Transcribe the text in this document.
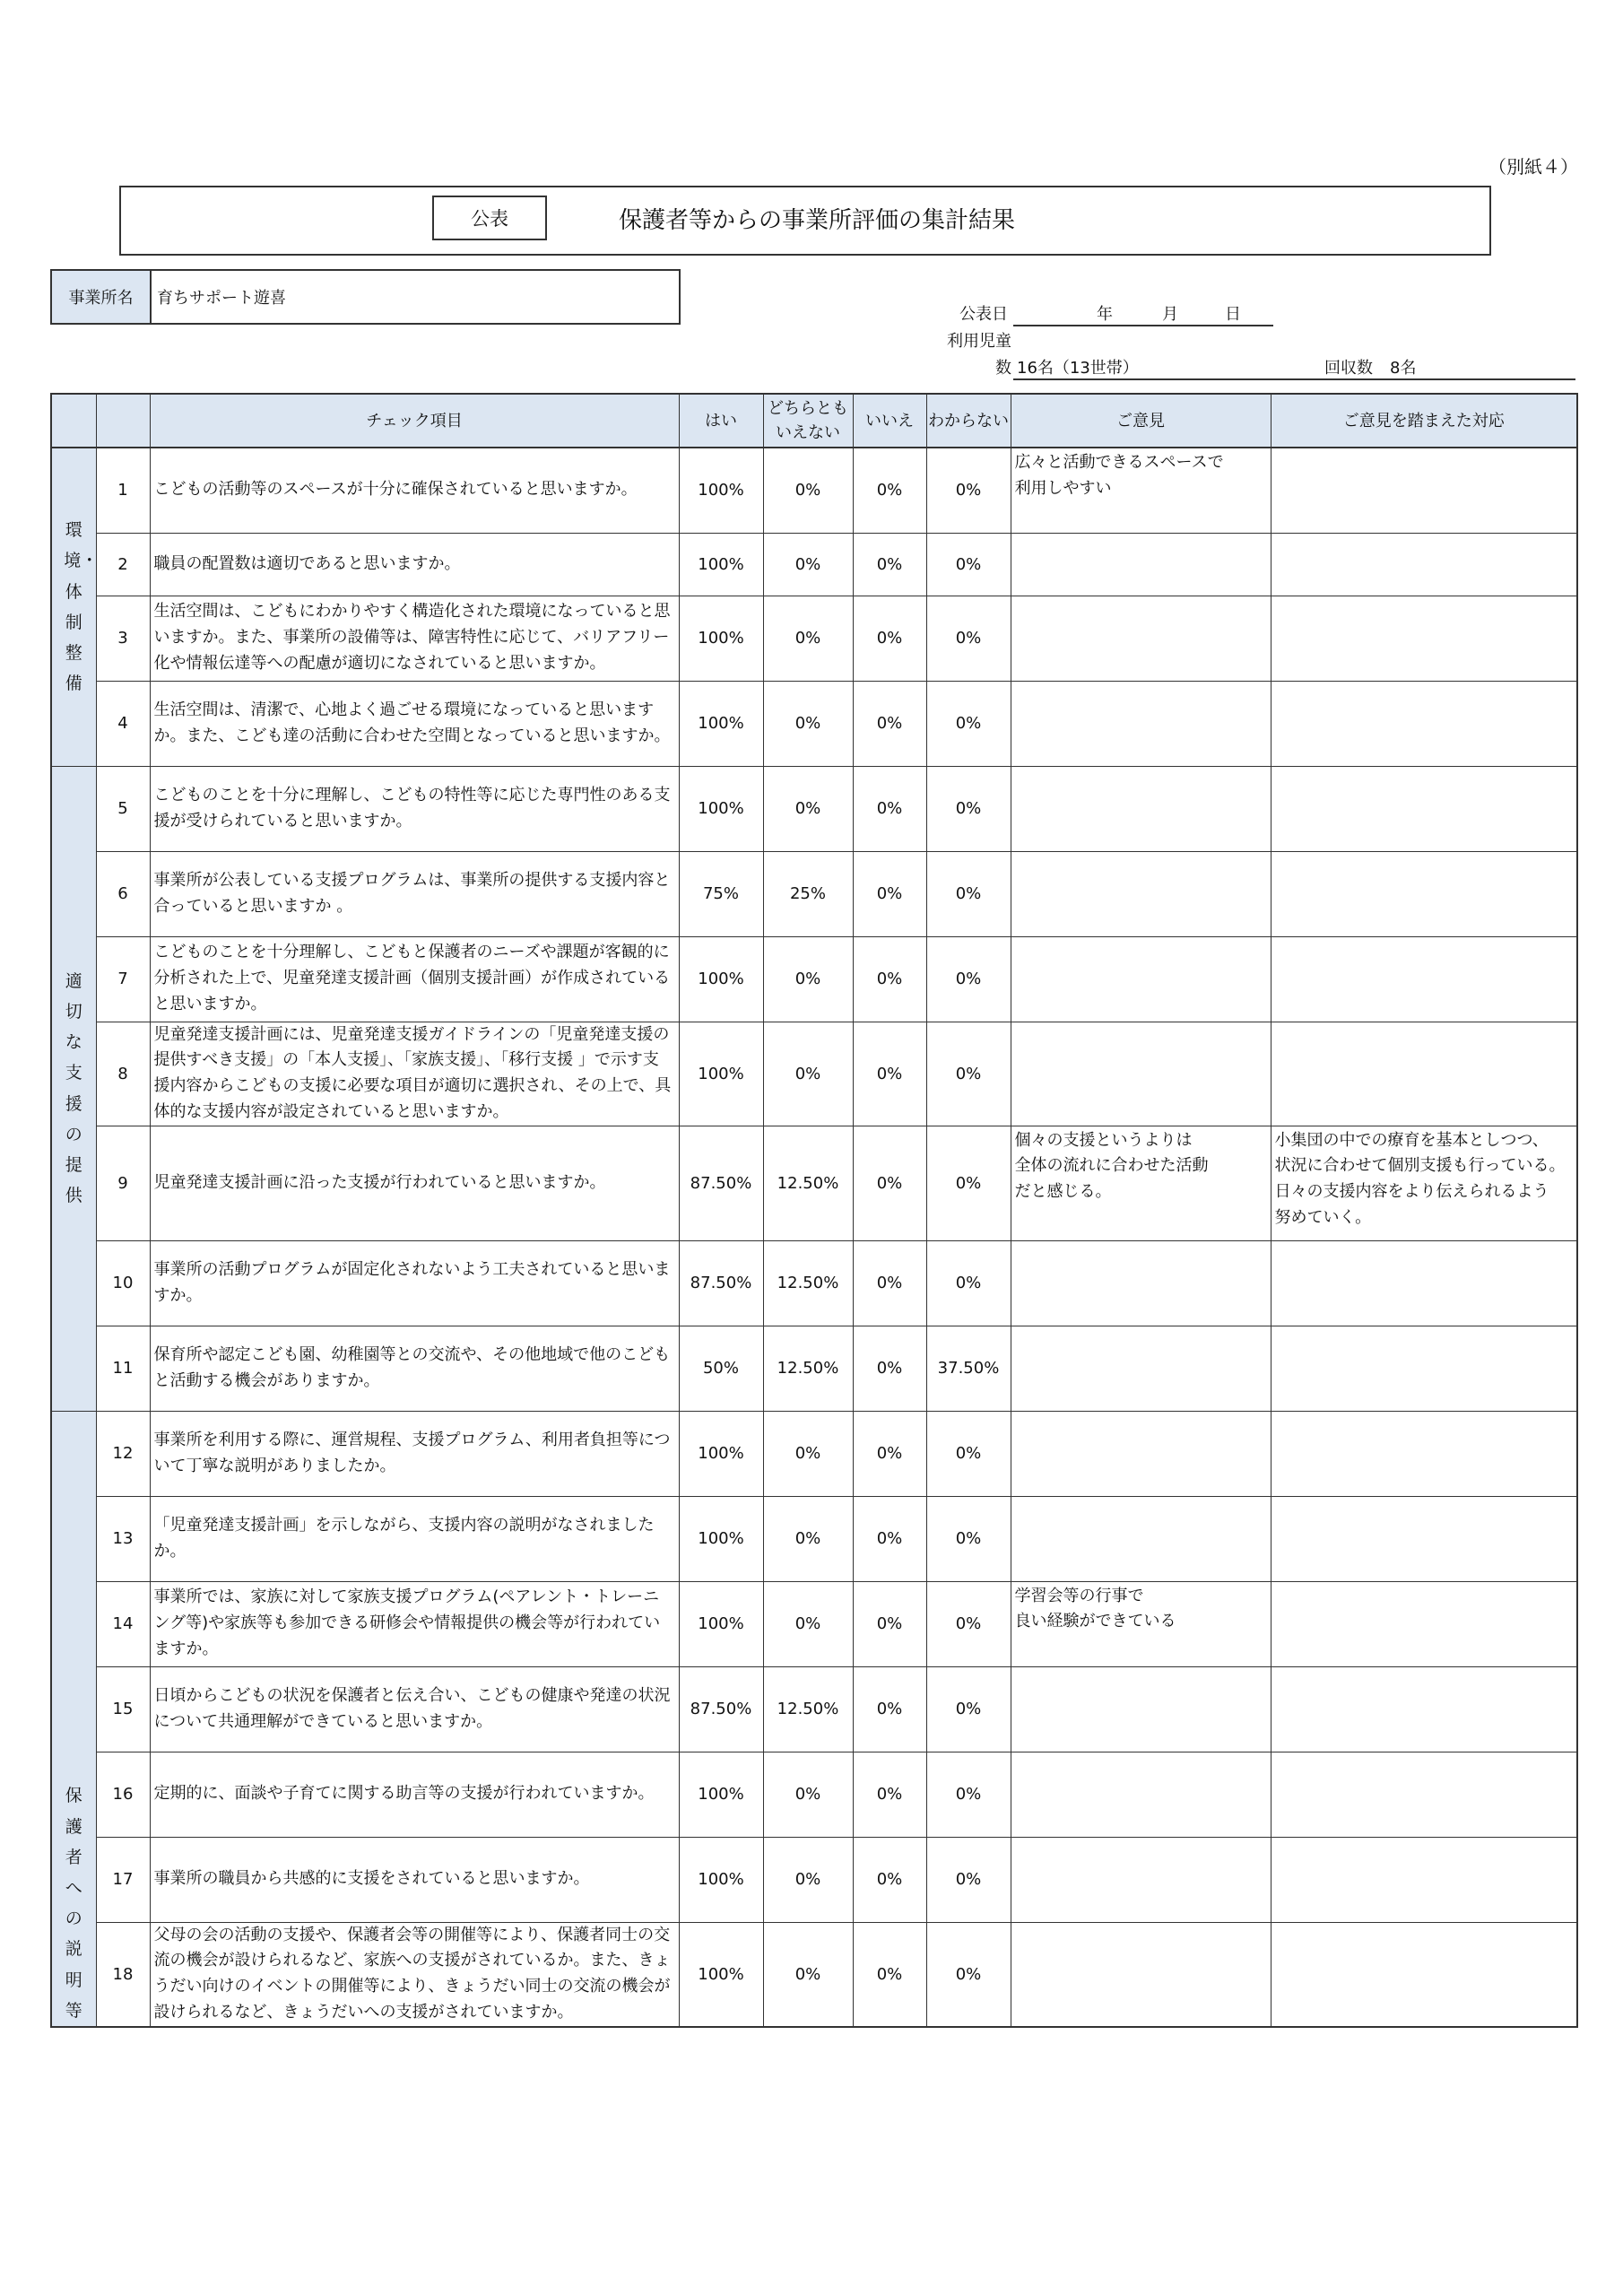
（別紙４）
公表	保護者等からの事業所評価の集計結果
事業所名	育ちサポート遊喜
公表日	年	月	日
利用児童
数 16名（13世帯）	回収数 8名
		チェック項目	はい	どちらとも
いえない	いいえ	わからない	ご意見	ご意見を踏まえた対応
環境・体制整備	1	こどもの活動等のスペースが十分に確保されていると思いますか。	100%	0%	0%	0%	広々と活動できるスペースで
利用しやすい	
	2	職員の配置数は適切であると思いますか。	100%	0%	0%	0%		
	3	生活空間は、こどもにわかりやすく構造化された環境になっていると思いますか。また、事業所の設備等は、障害特性に応じて、バリアフリー化や情報伝達等への配慮が適切になされていると思いますか。	100%	0%	0%	0%		
	4	生活空間は、清潔で、心地よく過ごせる環境になっていると思いますか。また、こども達の活動に合わせた空間となっていると思いますか。	100%	0%	0%	0%		
適切な支援の提供	5	こどものことを十分に理解し、こどもの特性等に応じた専門性のある支援が受けられていると思いますか。	100%	0%	0%	0%		
	6	事業所が公表している支援プログラムは、事業所の提供する支援内容と合っていると思いますか 。	75%	25%	0%	0%		
	7	こどものことを十分理解し、こどもと保護者のニーズや課題が客観的に分析された上で、児童発達支援計画（個別支援計画）が作成されていると思いますか。	100%	0%	0%	0%		
	8	児童発達支援計画には、児童発達支援ガイドラインの「児童発達支援の提供すべき支援」の「本人支援」、「家族支援」、「移行支援 」で示す支援内容からこどもの支援に必要な項目が適切に選択され、その上で、具体的な支援内容が設定されていると思いますか。	100%	0%	0%	0%		
	9	児童発達支援計画に沿った支援が行われていると思いますか。	87.50%	12.50%	0%	0%	個々の支援というよりは
全体の流れに合わせた活動
だと感じる。	小集団の中での療育を基本としつつ、
状況に合わせて個別支援も行っている。
日々の支援内容をより伝えられるよう
努めていく。
	10	事業所の活動プログラムが固定化されないよう工夫されていると思いますか。	87.50%	12.50%	0%	0%		
	11	保育所や認定こども園、幼稚園等との交流や、その他地域で他のこどもと活動する機会がありますか。	50%	12.50%	0%	37.50%		
保護者への説明等	12	事業所を利用する際に、運営規程、支援プログラム、利用者負担等について丁寧な説明がありましたか。	100%	0%	0%	0%		
	13	「児童発達支援計画」を示しながら、支援内容の説明がなされましたか。	100%	0%	0%	0%		
	14	事業所では、家族に対して家族支援プログラム(ペアレント・トレーニング等)や家族等も参加できる研修会や情報提供の機会等が行われていますか。	100%	0%	0%	0%	学習会等の行事で
良い経験ができている	
	15	日頃からこどもの状況を保護者と伝え合い、こどもの健康や発達の状況について共通理解ができていると思いますか。	87.50%	12.50%	0%	0%		
	16	定期的に、面談や子育てに関する助言等の支援が行われていますか。	100%	0%	0%	0%		
	17	事業所の職員から共感的に支援をされていると思いますか。	100%	0%	0%	0%		
	18	父母の会の活動の支援や、保護者会等の開催等により、保護者同士の交流の機会が設けられるなど、家族への支援がされているか。また、きょうだい向けのイベントの開催等により、きょうだい同士の交流の機会が設けられるなど、きょうだいへの支援がされていますか。	100%	0%	0%	0%		
